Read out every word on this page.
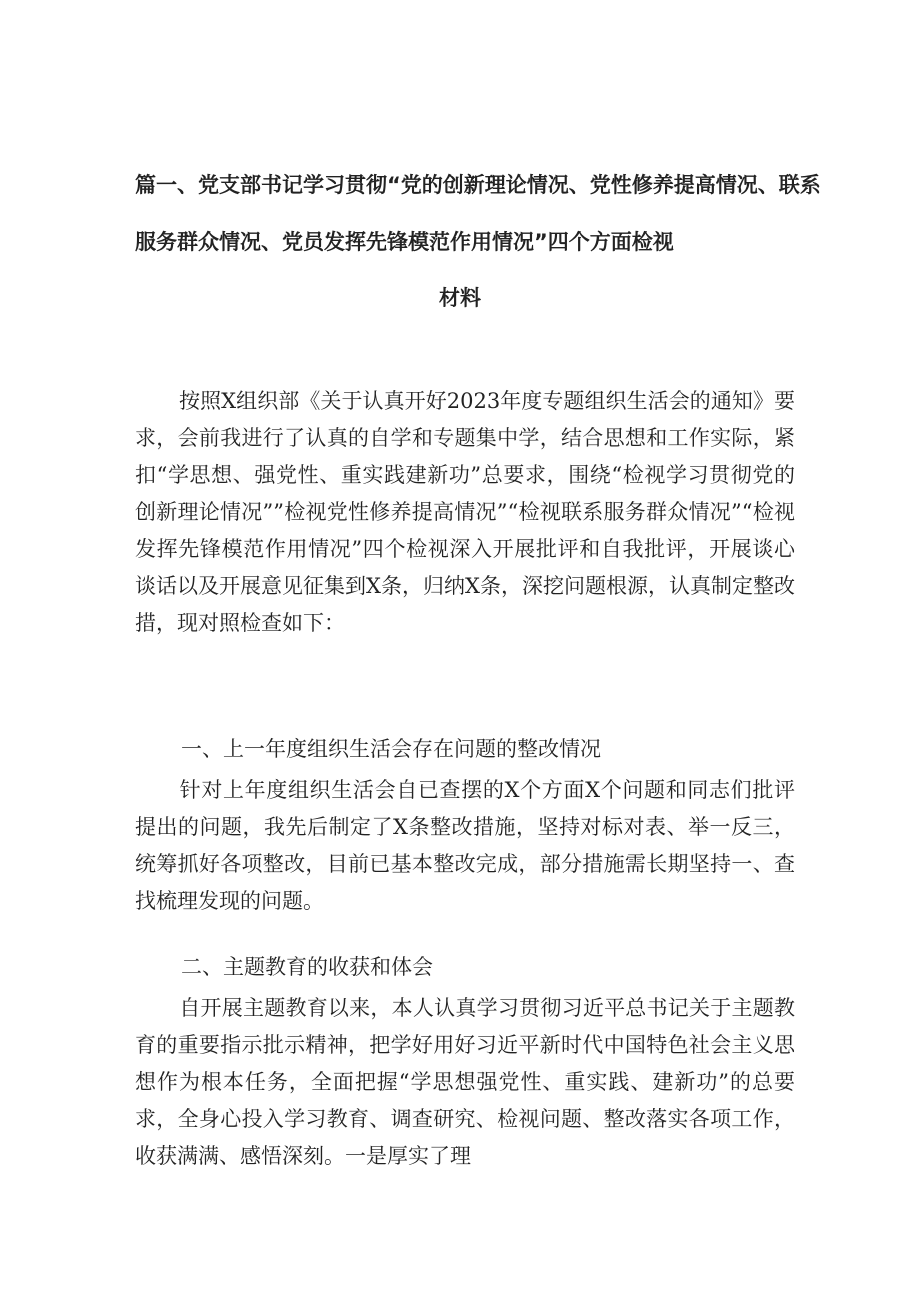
篇一、党支部书记学习贯彻“党的创新理论情况、党性修养提高情况、联系
服务群众情况、党员发挥先锋模范作用情况”四个方面检视
材料
按照X组织部《关于认真开好2023年度专题组织生活会的通知》要求，会前我进行了认真的自学和专题集中学，结合思想和工作实际，紧扣“学思想、强党性、重实践建新功”总要求，围绕“检视学习贯彻党的创新理论情况””检视党性修养提高情况”“检视联系服务群众情况”“检视发挥先锋模范作用情况”四个检视深入开展批评和自我批评，开展谈心谈话以及开展意见征集到X条，归纳X条，深挖问题根源，认真制定整改措，现对照检查如下：
一、上一年度组织生活会存在问题的整改情况
针对上年度组织生活会自已查摆的X个方面X个问题和同志们批评提出的问题，我先后制定了X条整改措施，坚持对标对表、举一反三，统筹抓好各项整改，目前已基本整改完成，部分措施需长期坚持一、查找梳理发现的问题。
二、主题教育的收获和体会
自开展主题教育以来，本人认真学习贯彻习近平总书记关于主题教育的重要指示批示精神，把学好用好习近平新时代中国特色社会主义思想作为根本任务，全面把握“学思想强党性、重实践、建新功”的总要求，全身心投入学习教育、调查研究、检视问题、整改落实各项工作，收获满满、感悟深刻。一是厚实了理
